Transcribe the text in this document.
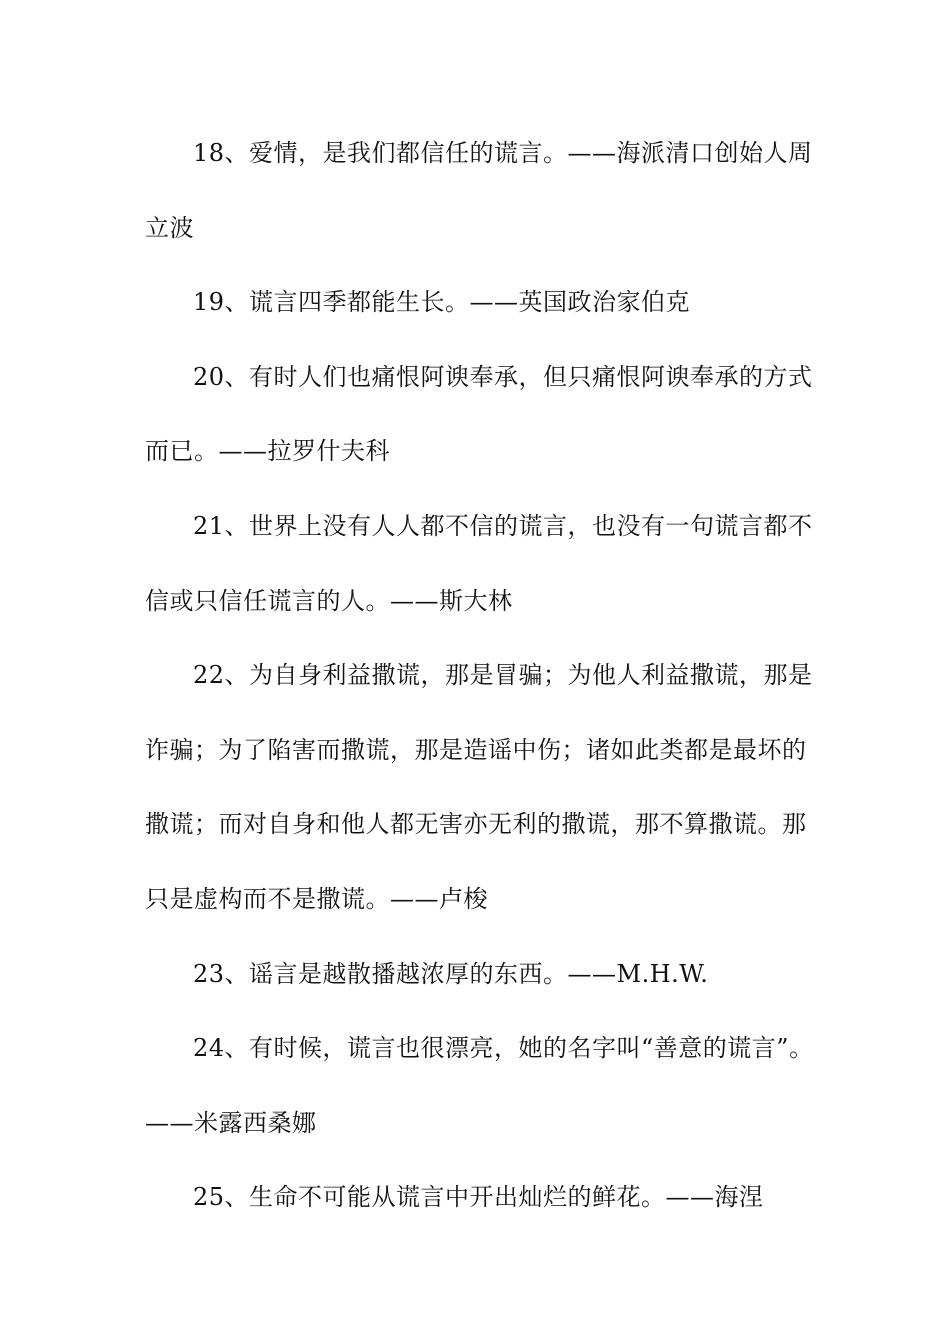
18、爱情，是我们都信任的谎言。——海派清口创始人周
立波

19、谎言四季都能生长。——英国政治家伯克

20、有时人们也痛恨阿谀奉承，但只痛恨阿谀奉承的方式
而已。——拉罗什夫科

21、世界上没有人人都不信的谎言，也没有一句谎言都不
信或只信任谎言的人。——斯大林

22、为自身利益撒谎，那是冒骗；为他人利益撒谎，那是
诈骗；为了陷害而撒谎，那是造谣中伤；诸如此类都是最坏的
撒谎；而对自身和他人都无害亦无利的撒谎，那不算撒谎。那
只是虚构而不是撒谎。——卢梭

23、谣言是越散播越浓厚的东西。——M.H.W.

24、有时候，谎言也很漂亮，她的名字叫“善意的谎言”。
——米露西桑娜

25、生命不可能从谎言中开出灿烂的鲜花。——海涅
